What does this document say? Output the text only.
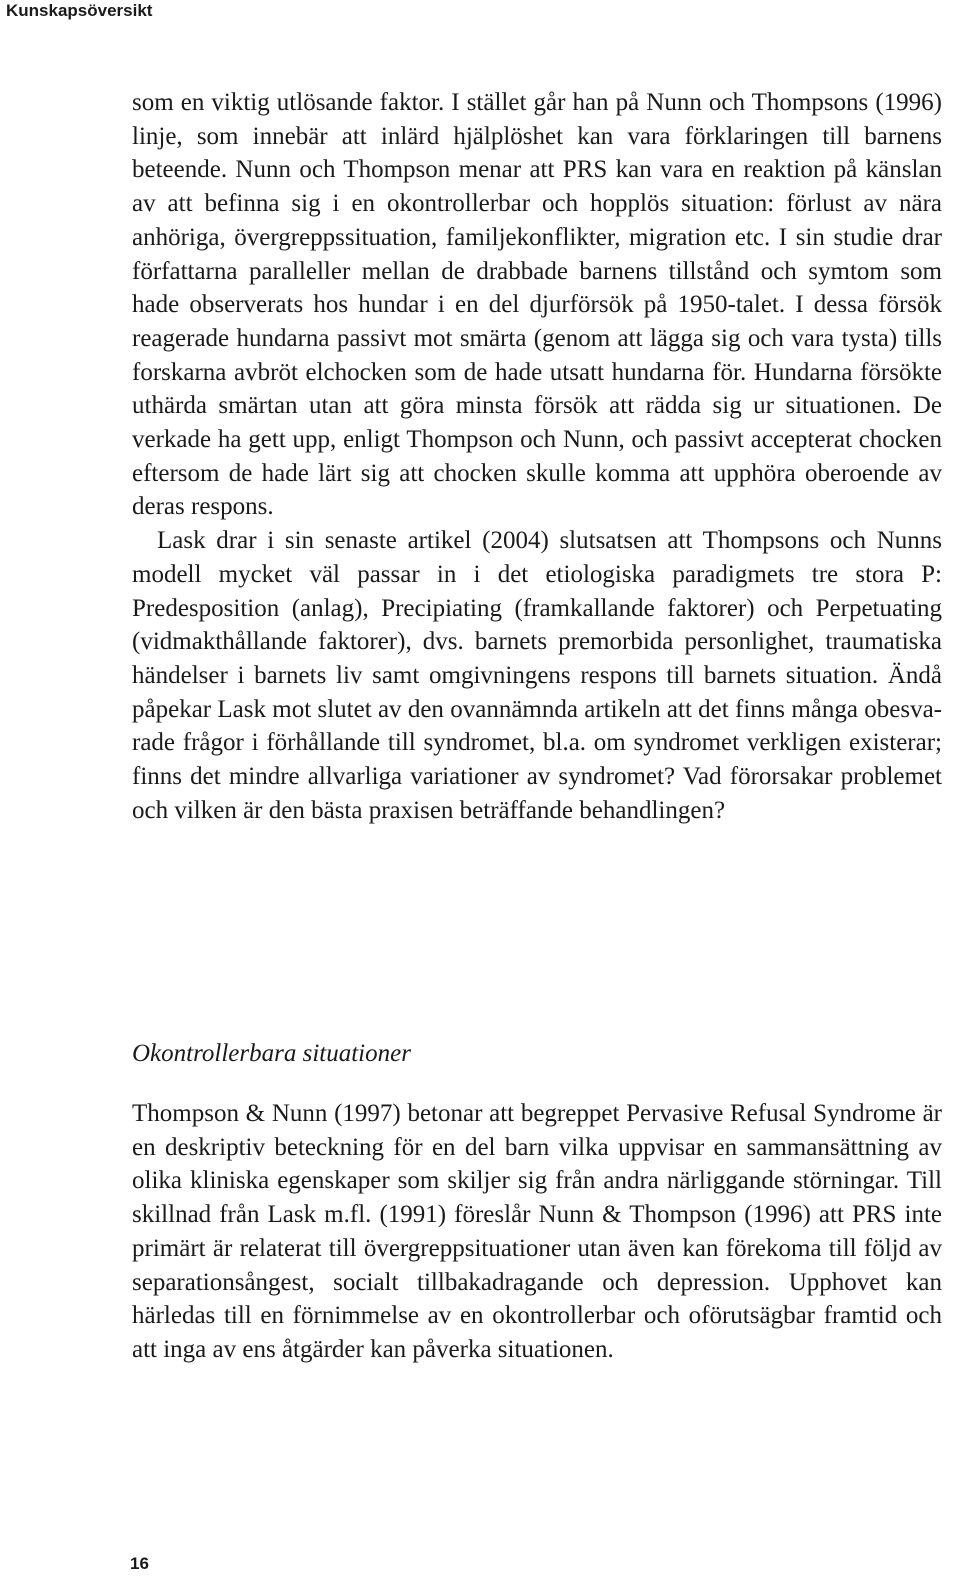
Kunskapsöversikt

som en viktig utlösande faktor. I stället går han på Nunn och Thompsons (1996) linje, som innebär att inlärd hjälplöshet kan vara förklaringen till barnens beteende. Nunn och Thompson menar att PRS kan vara en reaktion på känslan av att befinna sig i en okontrollerbar och hopplös situation: förlust av nära anhöriga, övergreppssituation, familjekonflikter, migration etc. I sin studie drar författarna paralleller mellan de drabbade barnens tillstånd och symtom som hade observerats hos hundar i en del djurförsök på 1950-talet. I dessa försök reagerade hundarna passivt mot smärta (genom att lägga sig och vara tysta) tills forskarna avbröt elchocken som de hade utsatt hundarna för. Hundarna försökte uthärda smärtan utan att göra minsta försök att rädda sig ur situationen. De verkade ha gett upp, enligt Thompson och Nunn, och passivt accepterat chocken eftersom de hade lärt sig att chocken skulle komma att upphöra oberoende av deras respons.

Lask drar i sin senaste artikel (2004) slutsatsen att Thompsons och Nunns modell mycket väl passar in i det etiologiska paradigmets tre stora P: Predesposition (anlag), Precipiating (framkallande faktorer) och Perpetuating (vidmakthållande faktorer), dvs. barnets premorbida personlighet, traumatiska händelser i barnets liv samt omgivningens respons till barnets situation. Ändå påpekar Lask mot slutet av den ovannämnda artikeln att det finns många obesvarade frågor i förhållande till syndromet, bl.a. om syndromet verkligen existerar; finns det mindre allvarliga variationer av syndromet? Vad förorsakar problemet och vilken är den bästa praxisen beträffande behandlingen?

Okontrollerbara situationer

Thompson & Nunn (1997) betonar att begreppet Pervasive Refusal Syndrome är en deskriptiv beteckning för en del barn vilka uppvisar en sammansättning av olika kliniska egenskaper som skiljer sig från andra närliggande störningar. Till skillnad från Lask m.fl. (1991) föreslår Nunn & Thompson (1996) att PRS inte primärt är relaterat till övergreppsituationer utan även kan förekoma till följd av separationsångest, socialt tillbakadragande och depression. Upphovet kan härledas till en förnimmelse av en okontrollerbar och oförutsägbar framtid och att inga av ens åtgärder kan påverka situationen.

16
